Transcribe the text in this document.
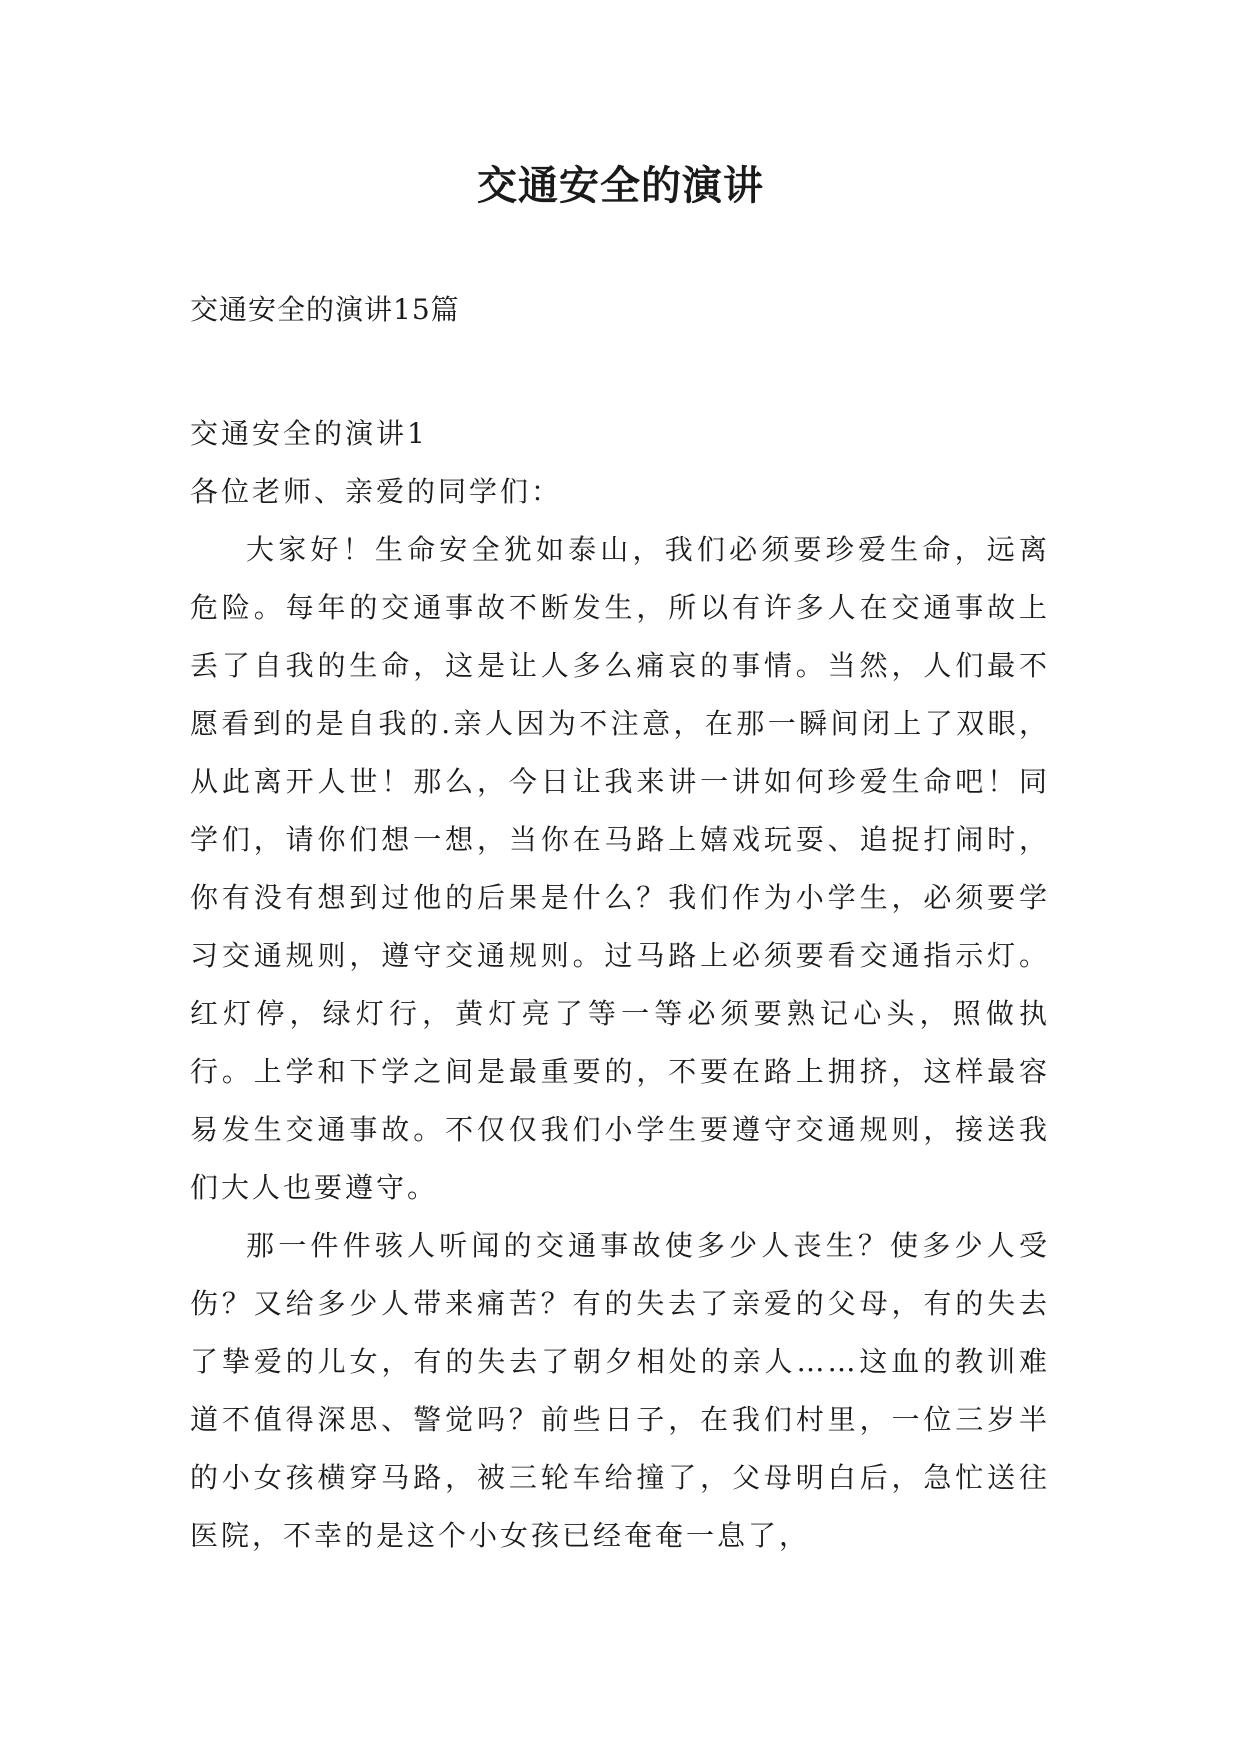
交通安全的演讲
交通安全的演讲15篇
交通安全的演讲1
各位老师、亲爱的同学们：

大家好！生命安全犹如泰山，我们必须要珍爱生命，远离危险。每年的交通事故不断发生，所以有许多人在交通事故上丢了自我的生命，这是让人多么痛哀的事情。当然，人们最不愿看到的是自我的.亲人因为不注意，在那一瞬间闭上了双眼，从此离开人世！那么，今日让我来讲一讲如何珍爱生命吧！同学们，请你们想一想，当你在马路上嬉戏玩耍、追捉打闹时，你有没有想到过他的后果是什么？我们作为小学生，必须要学习交通规则，遵守交通规则。过马路上必须要看交通指示灯。红灯停，绿灯行，黄灯亮了等一等必须要熟记心头，照做执行。上学和下学之间是最重要的，不要在路上拥挤，这样最容易发生交通事故。不仅仅我们小学生要遵守交通规则，接送我们大人也要遵守。

那一件件骇人听闻的交通事故使多少人丧生？使多少人受伤？又给多少人带来痛苦？有的失去了亲爱的父母，有的失去了挚爱的儿女，有的失去了朝夕相处的亲人……这血的教训难道不值得深思、警觉吗？前些日子，在我们村里，一位三岁半的小女孩横穿马路，被三轮车给撞了，父母明白后，急忙送往医院，不幸的是这个小女孩已经奄奄一息了，
